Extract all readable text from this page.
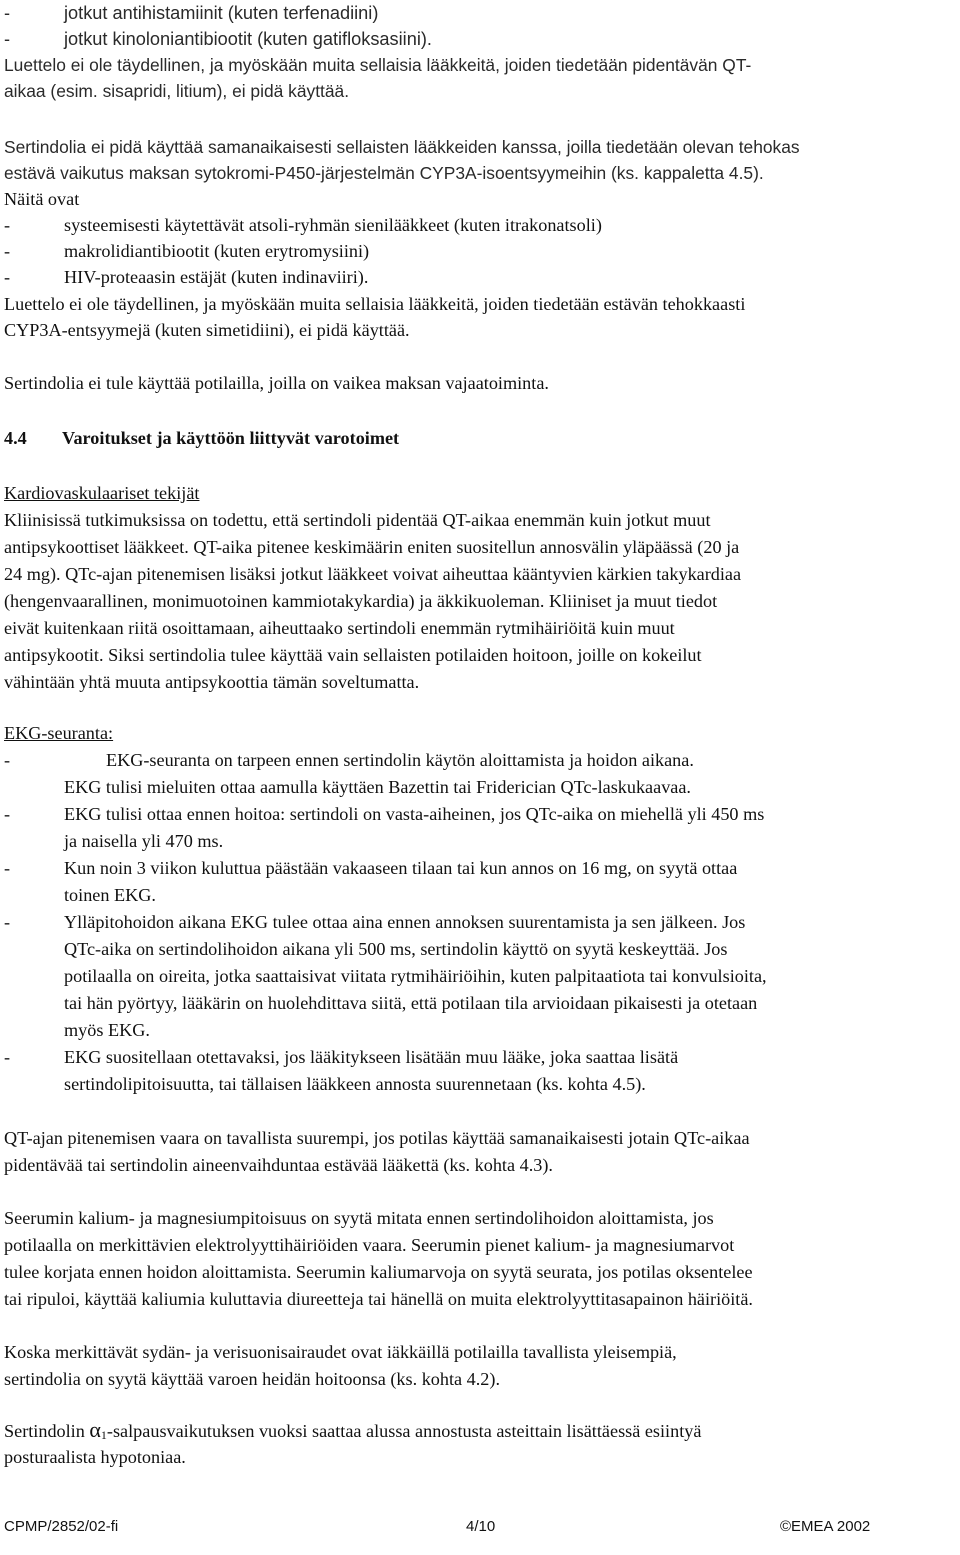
-	jotkut antihistamiinit (kuten terfenadiini)
-	jotkut kinoloniantibiootit (kuten gatifloksasiini).
Luettelo ei ole täydellinen, ja myöskään muita sellaisia lääkkeitä, joiden tiedetään pidentävän QT-
aikaa (esim. sisapridi, litium), ei pidä käyttää.
Sertindolia ei pidä käyttää samanaikaisesti sellaisten lääkkeiden kanssa, joilla tiedetään olevan tehokas
estävä vaikutus maksan sytokromi-P450-järjestelmän CYP3A-isoentsyymeihin (ks. kappaletta 4.5).
Näitä ovat
-	systeemisesti käytettävät atsoli-ryhmän sienilääkkeet (kuten itrakonatsoli)
-	makrolidiantibiootit (kuten erytromysiini)
-	HIV-proteaasin estäjät (kuten indinaviiri).
Luettelo ei ole täydellinen, ja myöskään muita sellaisia lääkkeitä, joiden tiedetään estävän tehokkaasti
CYP3A-entsyymejä (kuten simetidiini), ei pidä käyttää.
Sertindolia ei tule käyttää potilailla, joilla on vaikea maksan vajaatoiminta.
4.4 Varoitukset ja käyttöön liittyvät varotoimet
Kardiovaskulaariset tekijät
Kliinisissä tutkimuksissa on todettu, että sertindoli pidentää QT-aikaa enemmän kuin jotkut muut
antipsykoottiset lääkkeet. QT-aika pitenee keskimäärin eniten suositellun annosvälin yläpäässä (20 ja
24 mg). QTc-ajan pitenemisen lisäksi jotkut lääkkeet voivat aiheuttaa kääntyvien kärkien takykardiaa
(hengenvaarallinen, monimuotoinen kammiotakykardia) ja äkkikuoleman. Kliiniset ja muut tiedot
eivät kuitenkaan riitä osoittamaan, aiheuttaako sertindoli enemmän rytmihäiriöitä kuin muut
antipsykootit. Siksi sertindolia tulee käyttää vain sellaisten potilaiden hoitoon, joille on kokeilut
vähintään yhtä muuta antipsykoottia tämän soveltumatta.
EKG-seuranta:
-	EKG-seuranta on tarpeen ennen sertindolin käytön aloittamista ja hoidon aikana.
EKG tulisi mieluiten ottaa aamulla käyttäen Bazettin tai Friderician QTc-laskukaavaa.
-	EKG tulisi ottaa ennen hoitoa: sertindoli on vasta-aiheinen, jos QTc-aika on miehellä yli 450 ms
ja naisella yli 470 ms.
-	Kun noin 3 viikon kuluttua päästään vakaaseen tilaan tai kun annos on 16 mg, on syytä ottaa
toinen EKG.
-	Ylläpitohoidon aikana EKG tulee ottaa aina ennen annoksen suurentamista ja sen jälkeen. Jos
QTc-aika on sertindolihoidon aikana yli 500 ms, sertindolin käyttö on syytä keskeyttää. Jos
potilaalla on oireita, jotka saattaisivat viitata rytmihäiriöihin, kuten palpitaatiota tai konvulsioita,
tai hän pyörtyy, lääkärin on huolehdittava siitä, että potilaan tila arvioidaan pikaisesti ja otetaan
myös EKG.
-	EKG suositellaan otettavaksi, jos lääkitykseen lisätään muu lääke, joka saattaa lisätä
sertindolipitoisuutta, tai tällaisen lääkkeen annosta suurennetaan (ks. kohta 4.5).
QT-ajan pitenemisen vaara on tavallista suurempi, jos potilas käyttää samanaikaisesti jotain QTc-aikaa
pidentävää tai sertindolin aineenvaihduntaa estävää lääkettä (ks. kohta 4.3).
Seerumin kalium- ja magnesiumpitoisuus on syytä mitata ennen sertindolihoidon aloittamista, jos
potilaalla on merkittävien elektrolyyttihäiriöiden vaara. Seerumin pienet kalium- ja magnesiumarvot
tulee korjata ennen hoidon aloittamista. Seerumin kaliumarvoja on syytä seurata, jos potilas oksentelee
tai ripuloi, käyttää kaliumia kuluttavia diureetteja tai hänellä on muita elektrolyyttitasapainon häiriöitä.
Koska merkittävät sydän- ja verisuonisairaudet ovat iäkkäillä potilailla tavallista yleisempiä,
sertindolia on syytä käyttää varoen heidän hoitoonsa (ks. kohta 4.2).
Sertindolin α1-salpausvaikutuksen vuoksi saattaa alussa annostusta asteittain lisättäessä esiintyä
posturaalista hypotoniaa.
CPMP/2852/02-fi	4/10	©EMEA 2002
